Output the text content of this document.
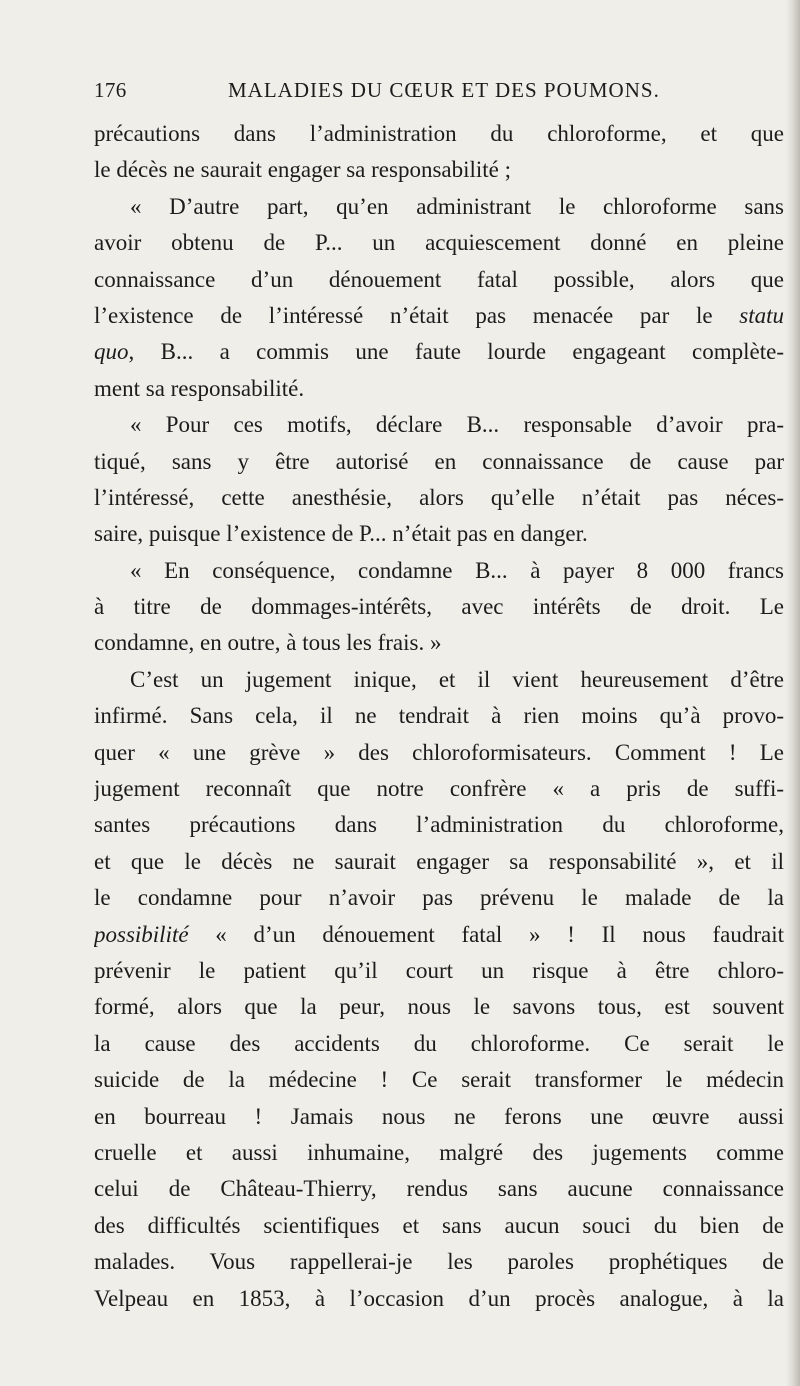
176	MALADIES DU CŒUR ET DES POUMONS.
précautions dans l’administration du chloroforme, et que
le décès ne saurait engager sa responsabilité ;
« D’autre part, qu’en administrant le chloroforme sans
avoir obtenu de P... un acquiescement donné en pleine
connaissance d’un dénouement fatal possible, alors que
l’existence de l’intéressé n’était pas menacée par le statu
quo, B... a commis une faute lourde engageant complète-
ment sa responsabilité.
« Pour ces motifs, déclare B... responsable d’avoir pra-
tiqué, sans y être autorisé en connaissance de cause par
l’intéressé, cette anesthésie, alors qu’elle n’était pas néces-
saire, puisque l’existence de P... n’était pas en danger.
« En conséquence, condamne B... à payer 8 000 francs
à titre de dommages-intérêts, avec intérêts de droit. Le
condamne, en outre, à tous les frais. »
C’est un jugement inique, et il vient heureusement d’être
infirmé. Sans cela, il ne tendrait à rien moins qu’à provo-
quer « une grève » des chloroformisateurs. Comment ! Le
jugement reconnaît que notre confrère « a pris de suffi-
santes précautions dans l’administration du chloroforme,
et que le décès ne saurait engager sa responsabilité », et il
le condamne pour n’avoir pas prévenu le malade de la
possibilité « d’un dénouement fatal » ! Il nous faudrait
prévenir le patient qu’il court un risque à être chloro-
formé, alors que la peur, nous le savons tous, est souvent
la cause des accidents du chloroforme. Ce serait le
suicide de la médecine ! Ce serait transformer le médecin
en bourreau ! Jamais nous ne ferons une œuvre aussi
cruelle et aussi inhumaine, malgré des jugements comme
celui de Château-Thierry, rendus sans aucune connaissance
des difficultés scientifiques et sans aucun souci du bien de
malades. Vous rappellerai-je les paroles prophétiques de
Velpeau en 1853, à l’occasion d’un procès analogue, à la
